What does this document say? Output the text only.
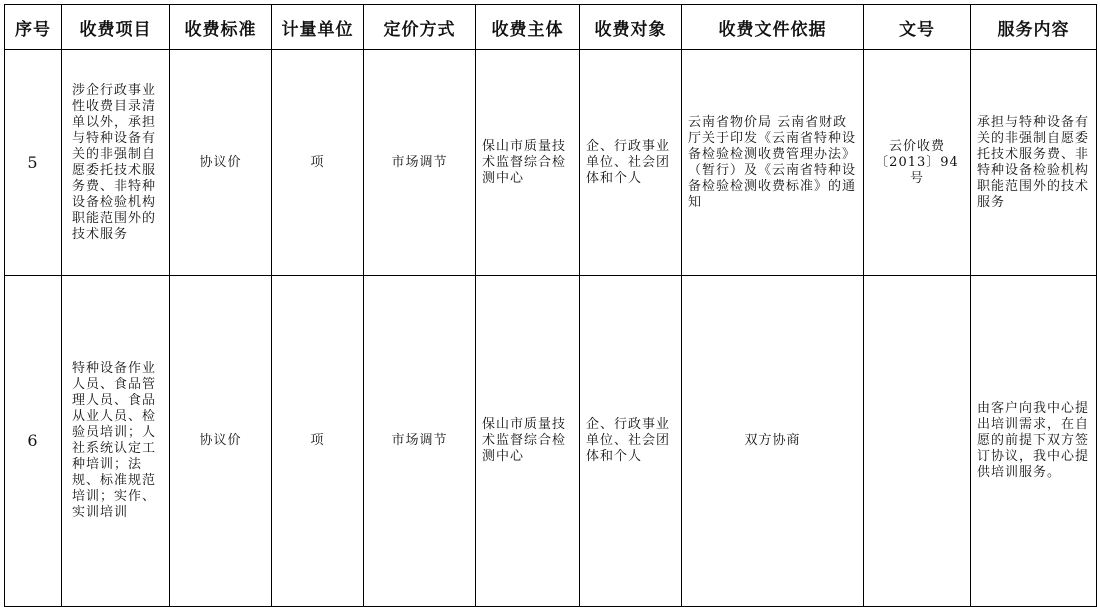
序号	收费项目	收费标准	计量单位	定价方式	收费主体	收费对象	收费文件依据	文号	服务内容
5	涉企行政事业性收费目录清单以外，承担与特种设备有关的非强制自愿委托技术服务费、非特种设备检验机构职能范围外的技术服务	协议价	项	市场调节	保山市质量技术监督综合检测中心	企、行政事业单位、社会团体和个人	云南省物价局 云南省财政厅关于印发《云南省特种设备检验检测收费管理办法》（暂行）及《云南省特种设备检验检测收费标准》的通知	云价收费〔2013〕94号	承担与特种设备有关的非强制自愿委托技术服务费、非特种设备检验机构职能范围外的技术服务
6	特种设备作业人员、食品管理人员、食品从业人员、检验员培训；人社系统认定工种培训；法规、标准规范培训；实作、实训培训	协议价	项	市场调节	保山市质量技术监督综合检测中心	企、行政事业单位、社会团体和个人	双方协商		由客户向我中心提出培训需求，在自愿的前提下双方签订协议，我中心提供培训服务。
